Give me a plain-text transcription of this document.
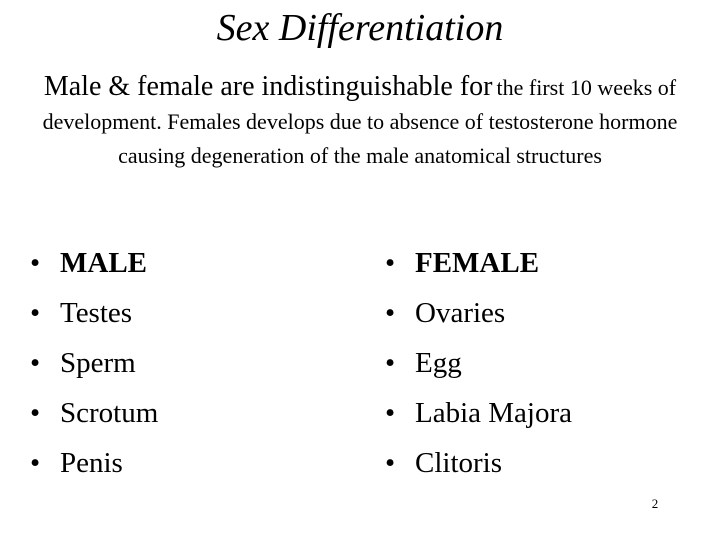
Sex Differentiation

Male & female are indistinguishable for the first 10 weeks of development. Females develops due to absence of testosterone hormone causing degeneration of the male anatomical structures

• MALE
• Testes
• Sperm
• Scrotum
• Penis
• FEMALE
• Ovaries
• Egg
• Labia Majora
• Clitoris
2
